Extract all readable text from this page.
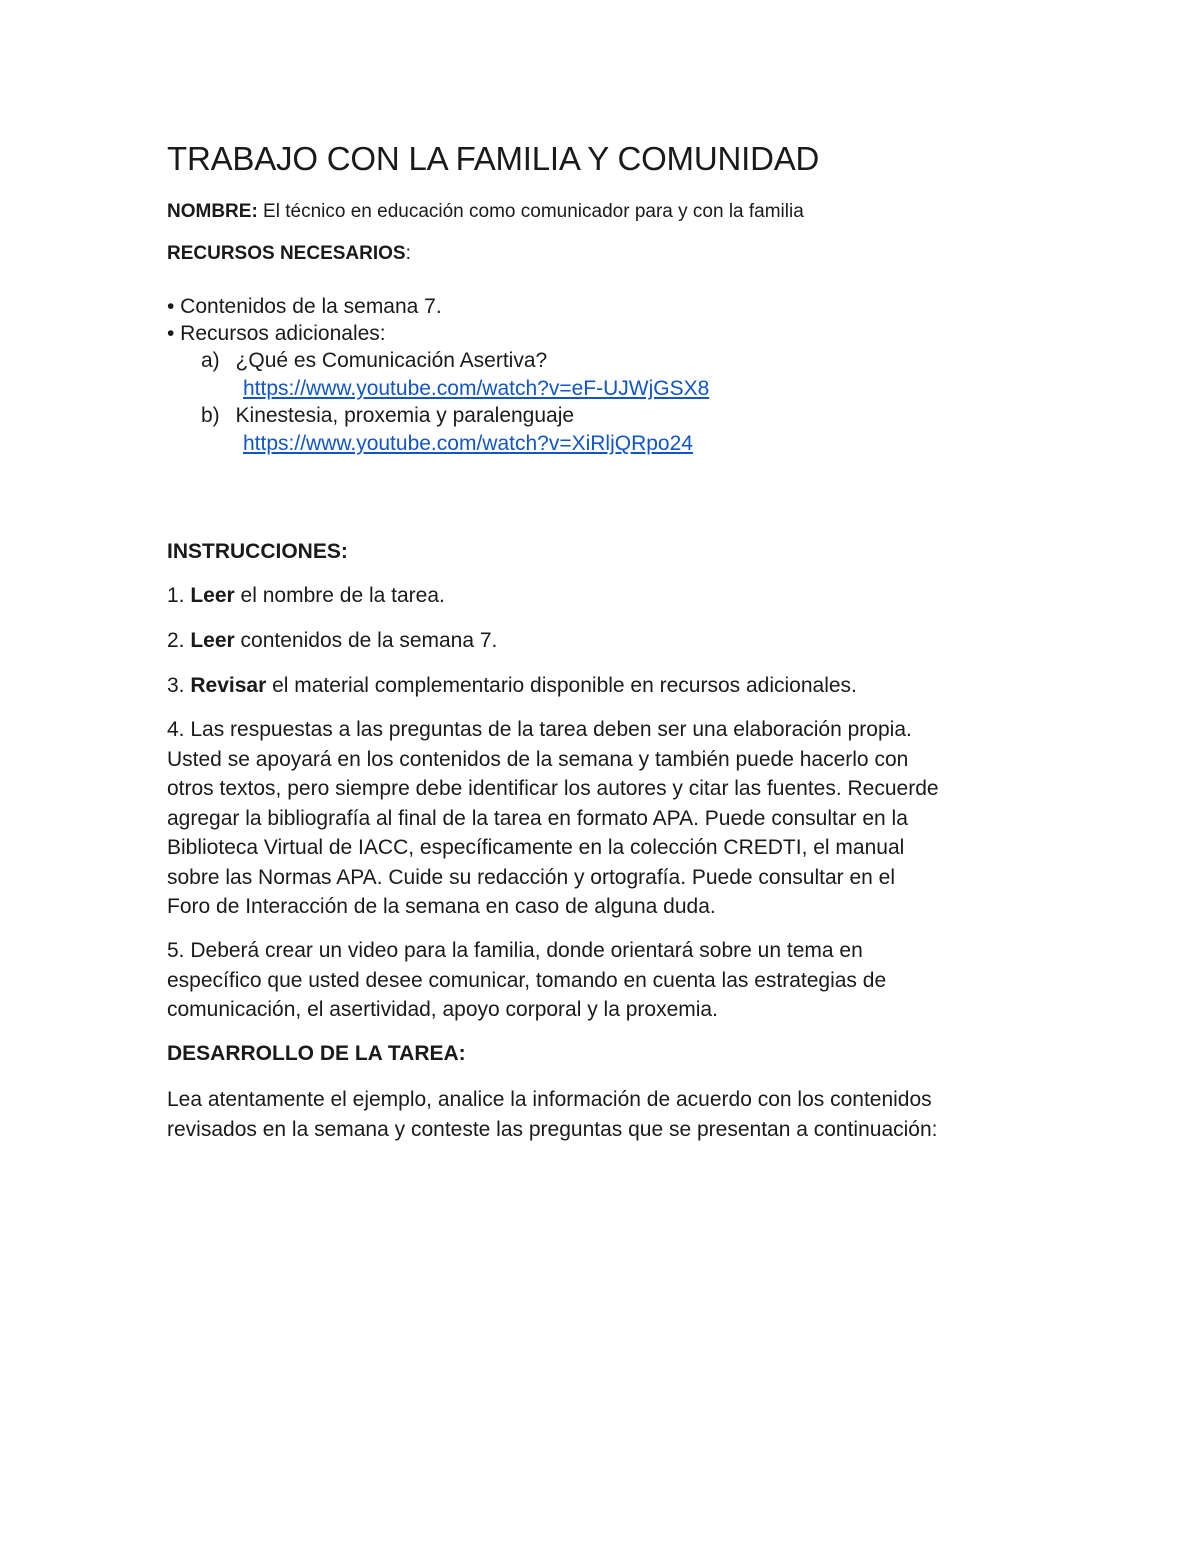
TRABAJO CON LA FAMILIA Y COMUNIDAD
NOMBRE: El técnico en educación como comunicador para y con la familia
RECURSOS NECESARIOS:
• Contenidos de la semana 7.
• Recursos adicionales:
a) ¿Qué es Comunicación Asertiva?
https://www.youtube.com/watch?v=eF-UJWjGSX8
b) Kinestesia, proxemia y paralenguaje
https://www.youtube.com/watch?v=XiRljQRpo24
INSTRUCCIONES:
1. Leer el nombre de la tarea.
2. Leer contenidos de la semana 7.
3. Revisar el material complementario disponible en recursos adicionales.
4. Las respuestas a las preguntas de la tarea deben ser una elaboración propia.
Usted se apoyará en los contenidos de la semana y también puede hacerlo con
otros textos, pero siempre debe identificar los autores y citar las fuentes. Recuerde
agregar la bibliografía al final de la tarea en formato APA. Puede consultar en la
Biblioteca Virtual de IACC, específicamente en la colección CREDTI, el manual
sobre las Normas APA. Cuide su redacción y ortografía. Puede consultar en el
Foro de Interacción de la semana en caso de alguna duda.
5. Deberá crear un video para la familia, donde orientará sobre un tema en
específico que usted desee comunicar, tomando en cuenta las estrategias de
comunicación, el asertividad, apoyo corporal y la proxemia.
DESARROLLO DE LA TAREA:
Lea atentamente el ejemplo, analice la información de acuerdo con los contenidos
revisados en la semana y conteste las preguntas que se presentan a continuación:
